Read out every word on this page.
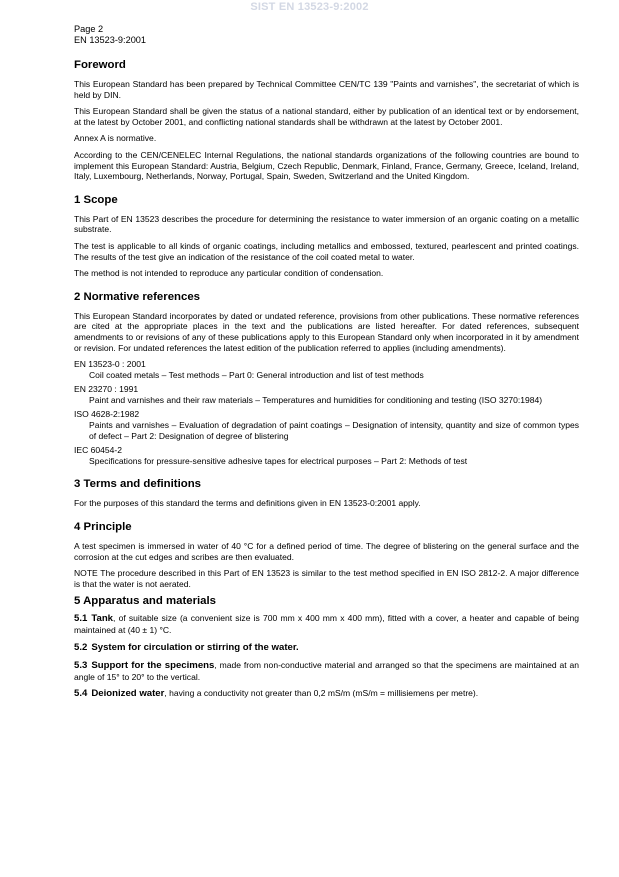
SIST EN 13523-9:2002
Page 2
EN 13523-9:2001
Foreword

This European Standard has been prepared by Technical Committee CEN/TC 139 "Paints and varnishes", the secretariat of which is held by DIN.

This European Standard shall be given the status of a national standard, either by publication of an identical text or by endorsement, at the latest by October 2001, and conflicting national standards shall be withdrawn at the latest by October 2001.

Annex A is normative.

According to the CEN/CENELEC Internal Regulations, the national standards organizations of the following countries are bound to implement this European Standard: Austria, Belgium, Czech Republic, Denmark, Finland, France, Germany, Greece, Iceland, Ireland, Italy, Luxembourg, Netherlands, Norway, Portugal, Spain, Sweden, Switzerland and the United Kingdom.

1 Scope

This Part of EN 13523 describes the procedure for determining the resistance to water immersion of an organic coating on a metallic substrate.

The test is applicable to all kinds of organic coatings, including metallics and embossed, textured, pearlescent and printed coatings. The results of the test give an indication of the resistance of the coil coated metal to water.

The method is not intended to reproduce any particular condition of condensation.

2 Normative references

This European Standard incorporates by dated or undated reference, provisions from other publications. These normative references are cited at the appropriate places in the text and the publications are listed hereafter. For dated references, subsequent amendments to or revisions of any of these publications apply to this European Standard only when incorporated in it by amendment or revision. For undated references the latest edition of the publication referred to applies (including amendments).

EN 13523-0 : 2001
Coil coated metals – Test methods – Part 0: General introduction and list of test methods
EN 23270 : 1991
Paint and varnishes and their raw materials – Temperatures and humidities for conditioning and testing (ISO 3270:1984)
ISO 4628-2:1982
Paints and varnishes – Evaluation of degradation of paint coatings – Designation of intensity, quantity and size of common types of defect – Part 2: Designation of degree of blistering
IEC 60454-2
Specifications for pressure-sensitive adhesive tapes for electrical purposes – Part 2: Methods of test
3 Terms and definitions

For the purposes of this standard the terms and definitions given in EN 13523-0:2001 apply.

4 Principle

A test specimen is immersed in water of 40 °C for a defined period of time. The degree of blistering on the general surface and the corrosion at the cut edges and scribes are then evaluated.

NOTE The procedure described in this Part of EN 13523 is similar to the test method specified in EN ISO 2812-2. A major difference is that the water is not aerated.

5 Apparatus and materials

5.1 Tank, of suitable size (a convenient size is 700 mm x 400 mm x 400 mm), fitted with a cover, a heater and capable of being maintained at (40 ± 1) °C.

5.2 System for circulation or stirring of the water.

5.3 Support for the specimens, made from non-conductive material and arranged so that the specimens are maintained at an angle of 15° to 20° to the vertical.

5.4 Deionized water, having a conductivity not greater than 0,2 mS/m (mS/m = millisiemens per metre).
